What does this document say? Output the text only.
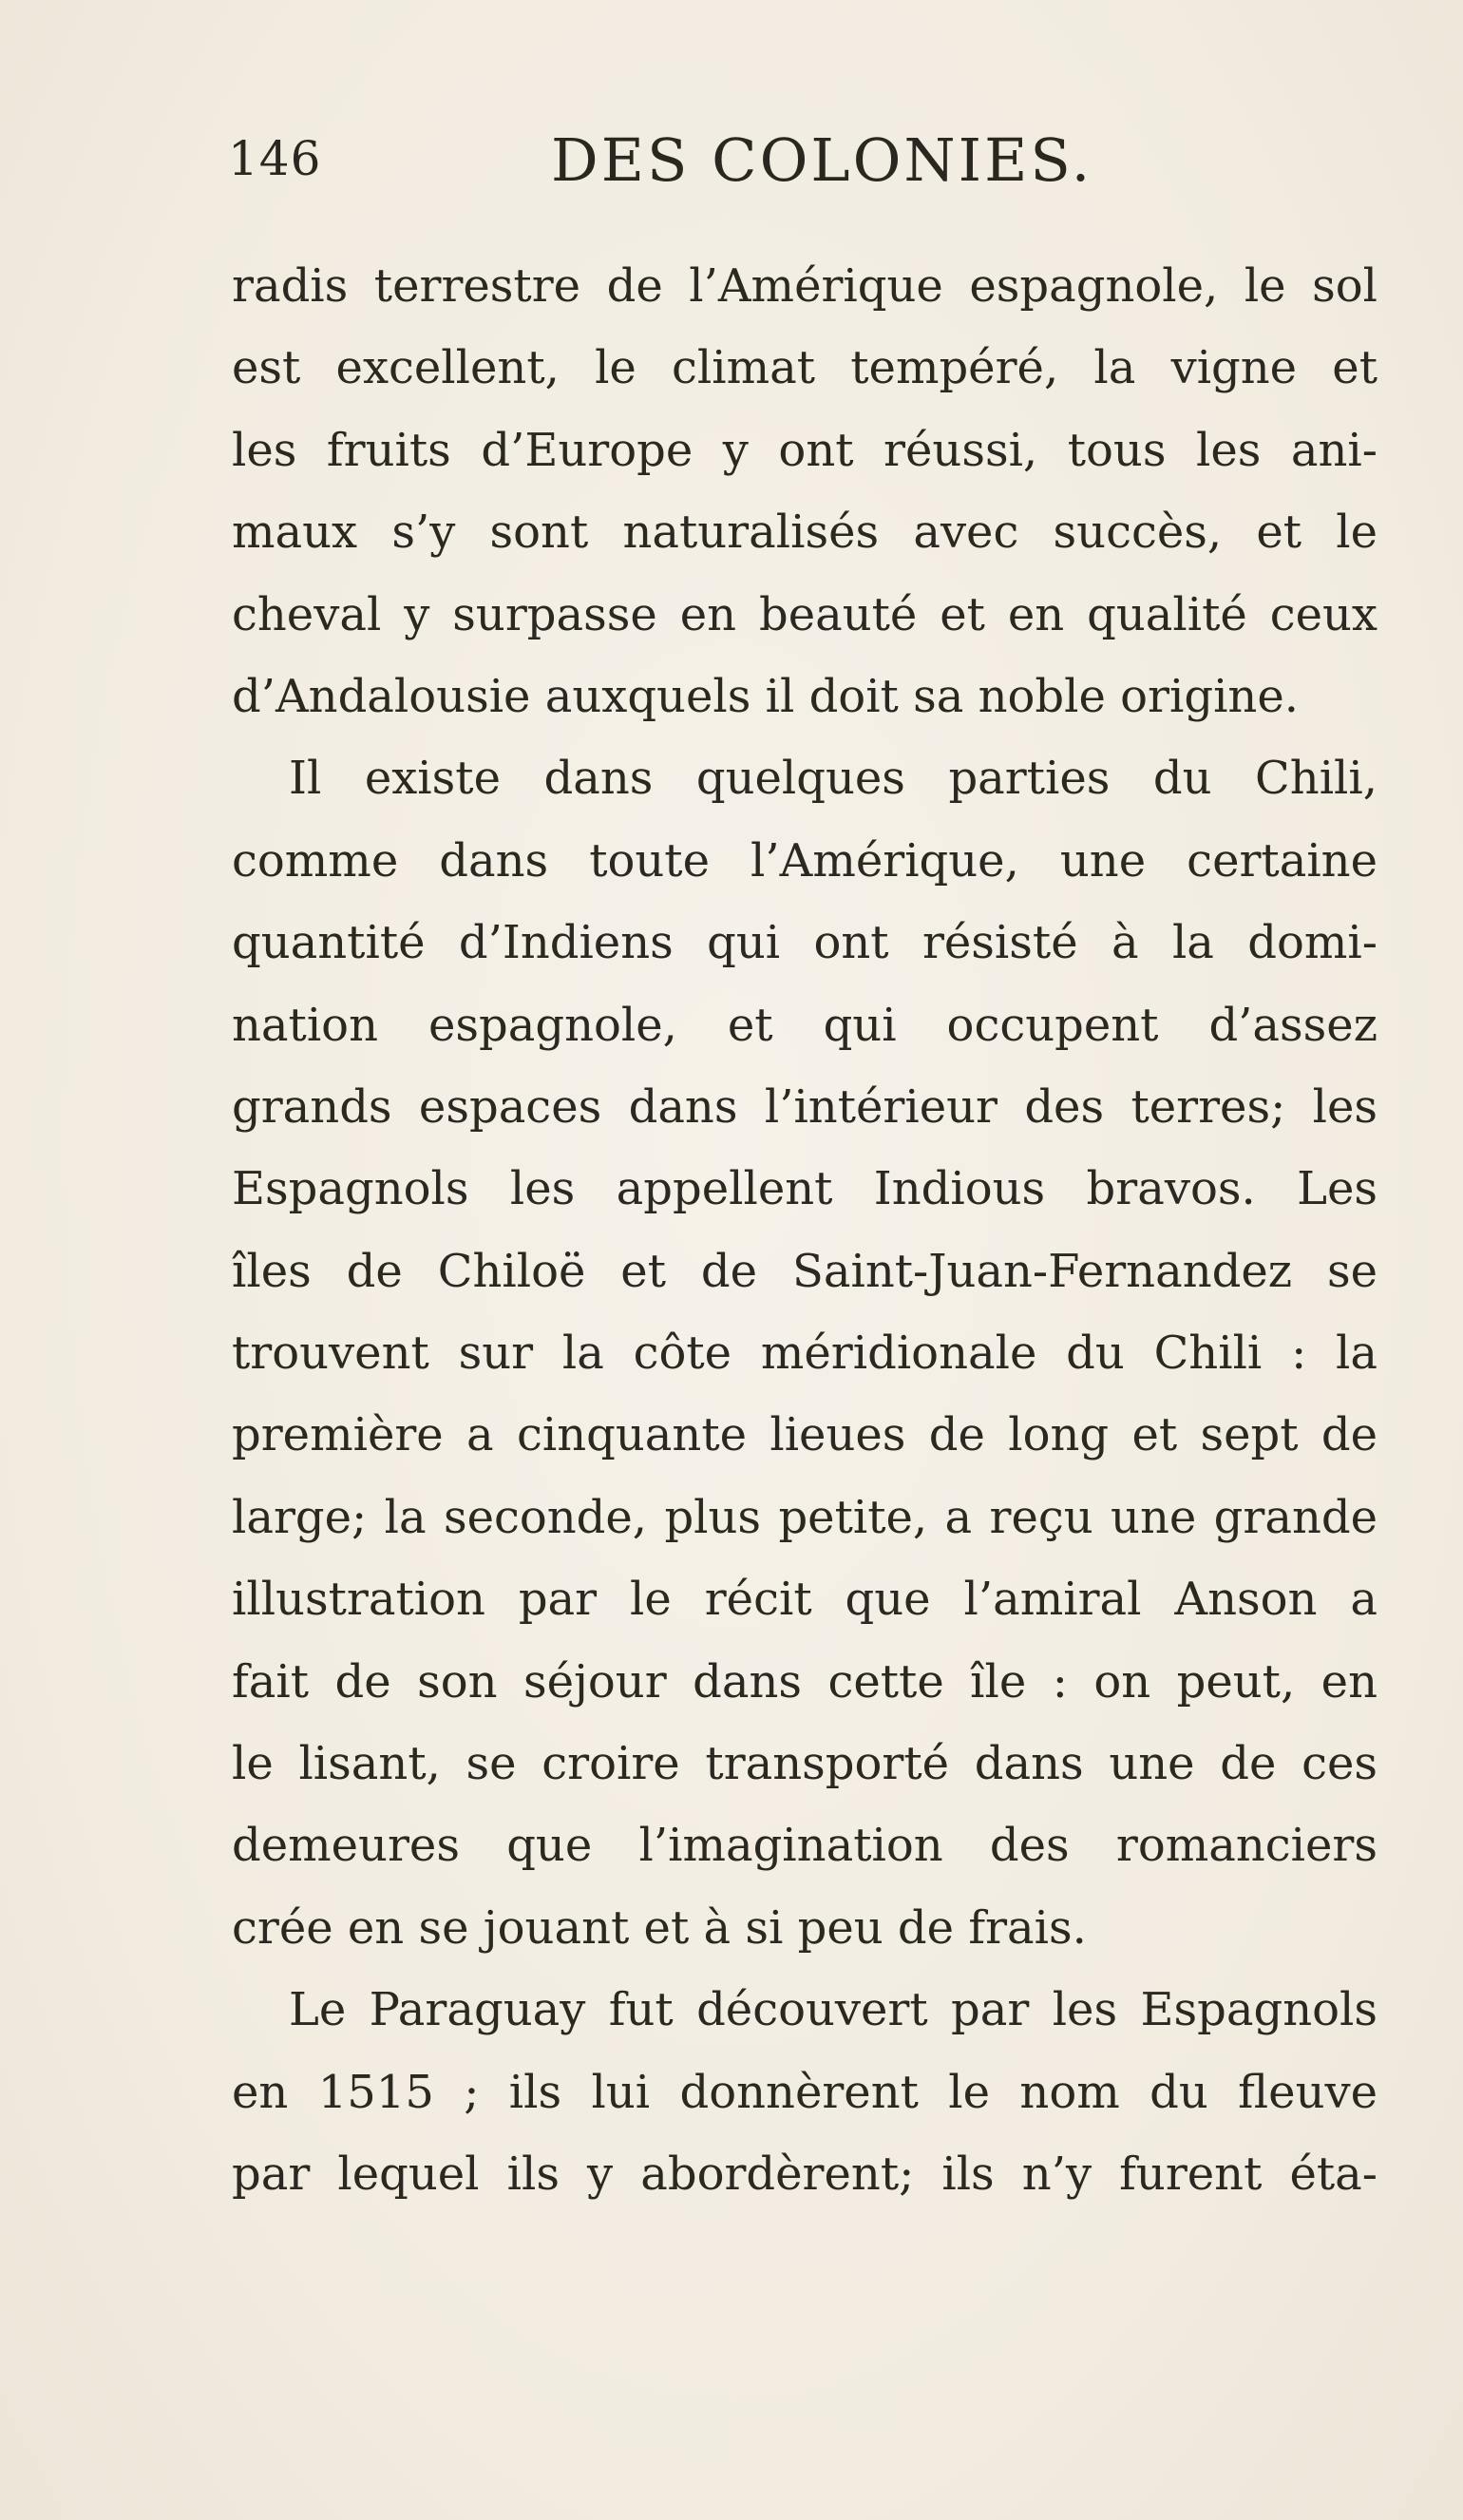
146	DES COLONIES.
radis terrestre de l’Amérique espagnole, le sol
est excellent, le climat tempéré, la vigne et
les fruits d’Europe y ont réussi, tous les ani-
maux s’y sont naturalisés avec succès, et le
cheval y surpasse en beauté et en qualité ceux
d’Andalousie auxquels il doit sa noble origine.
Il existe dans quelques parties du Chili,
comme dans toute l’Amérique, une certaine
quantité d’Indiens qui ont résisté à la domi-
nation espagnole, et qui occupent d’assez
grands espaces dans l’intérieur des terres; les
Espagnols les appellent Indious bravos. Les
îles de Chiloë et de Saint-Juan-Fernandez se
trouvent sur la côte méridionale du Chili : la
première a cinquante lieues de long et sept de
large; la seconde, plus petite, a reçu une grande
illustration par le récit que l’amiral Anson a
fait de son séjour dans cette île : on peut, en
le lisant, se croire transporté dans une de ces
demeures que l’imagination des romanciers
crée en se jouant et à si peu de frais.
Le Paraguay fut découvert par les Espagnols
en 1515 ; ils lui donnèrent le nom du fleuve
par lequel ils y abordèrent; ils n’y furent éta-
